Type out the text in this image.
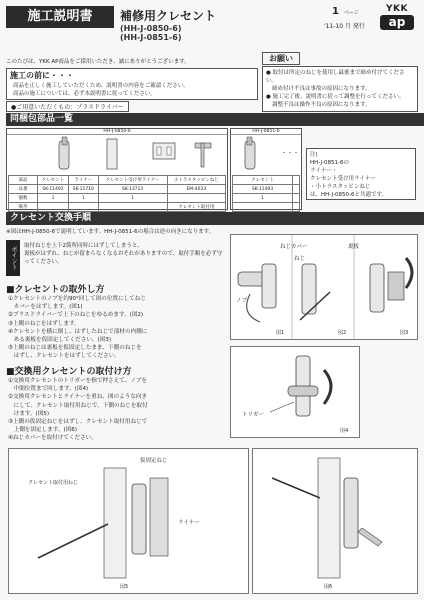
施工説明書	補修用クレセント
(HH-J-0850-6)
(HH-J-0851-6)
1 ページ
'11-10 月 発行
YKK
ap
このたびは、YKK AP商品をご採用いただき、誠にありがとうございます。
施工の前に・・・
商品を正しく施工していただくため、説明書の内容をご確認ください。
商品の施工については、必ず本説明書に従ってください。
お願い
● 取付は所定のねじを使用し最後まで締め付けてください。
締め付け不良は事故の原因になります。
● 施工完了後、説明書に従って調整を行ってください。
調整不良は操作不良の原因になります。
●ご用意いただくもの：プラスドライバー
同梱包部品一覧
HH-J-0850-6
部品	クレセント	ライナー	クレセント受け用ライナー	小トラスタッピンねじ
品番	SK-11492	SK-11710	SK-13713	EM-4033
個数	1	1	1	
備考				クレセント取付用
HH-J-0851-6
・・・
クレセント	
SK-11493	
1	

注)
HH-J-0851-6の
ライナー・
クレセント受け用ライナー
・小トラスタッピンねじ
は、HH-J-0850-6と共通です。
クレセント交換手順
※図はHH-J-0850-6で説明しています。HH-J-0851-6の場合は逆の向きになります。
ポイント	取付ねじを上下2箇所同時にはずしてしまうと、
裏板がはずれ、ねじが留まらなくなるおそれがありますので、取付手順を必ず守ってください。
■クレセントの取外し方
①クレセントのノブを約90°回して図の位置にしてねじ
　カバーをはずします。(図1)
②プラスドライバーで上下のねじをゆるめます。(図2)
③上側のねじをはずします。
④クレセントを横に倒し、はずしたねじで部材の内側に
　ある裏板を仮固定してください。(図3)
⑤上側のねじは裏板を仮固定したまま、下側のねじを
　はずし、クレセントをはずしてください。
■交換用クレセントの取付け方
①交換用クレセントのトリガーを指で押さえて、ノブを
　中間位置まで回します。(図4)
②交換用クレセントとライナーを重ね、図のような向き
　にして、クレセント取付用ねじで、下側のねじを取付
　けます。(図5)
③上側の仮固定ねじをはずし、クレセント取付用ねじで
　上側を固定します。(図6)
④ねじカバーを取付けてください。
ねじカバー	裏板
ねじ
ノブ
図1	図2	図3
トリガー
図4
仮固定ねじ
クレセント取付用ねじ
ライナー
図5	図6
